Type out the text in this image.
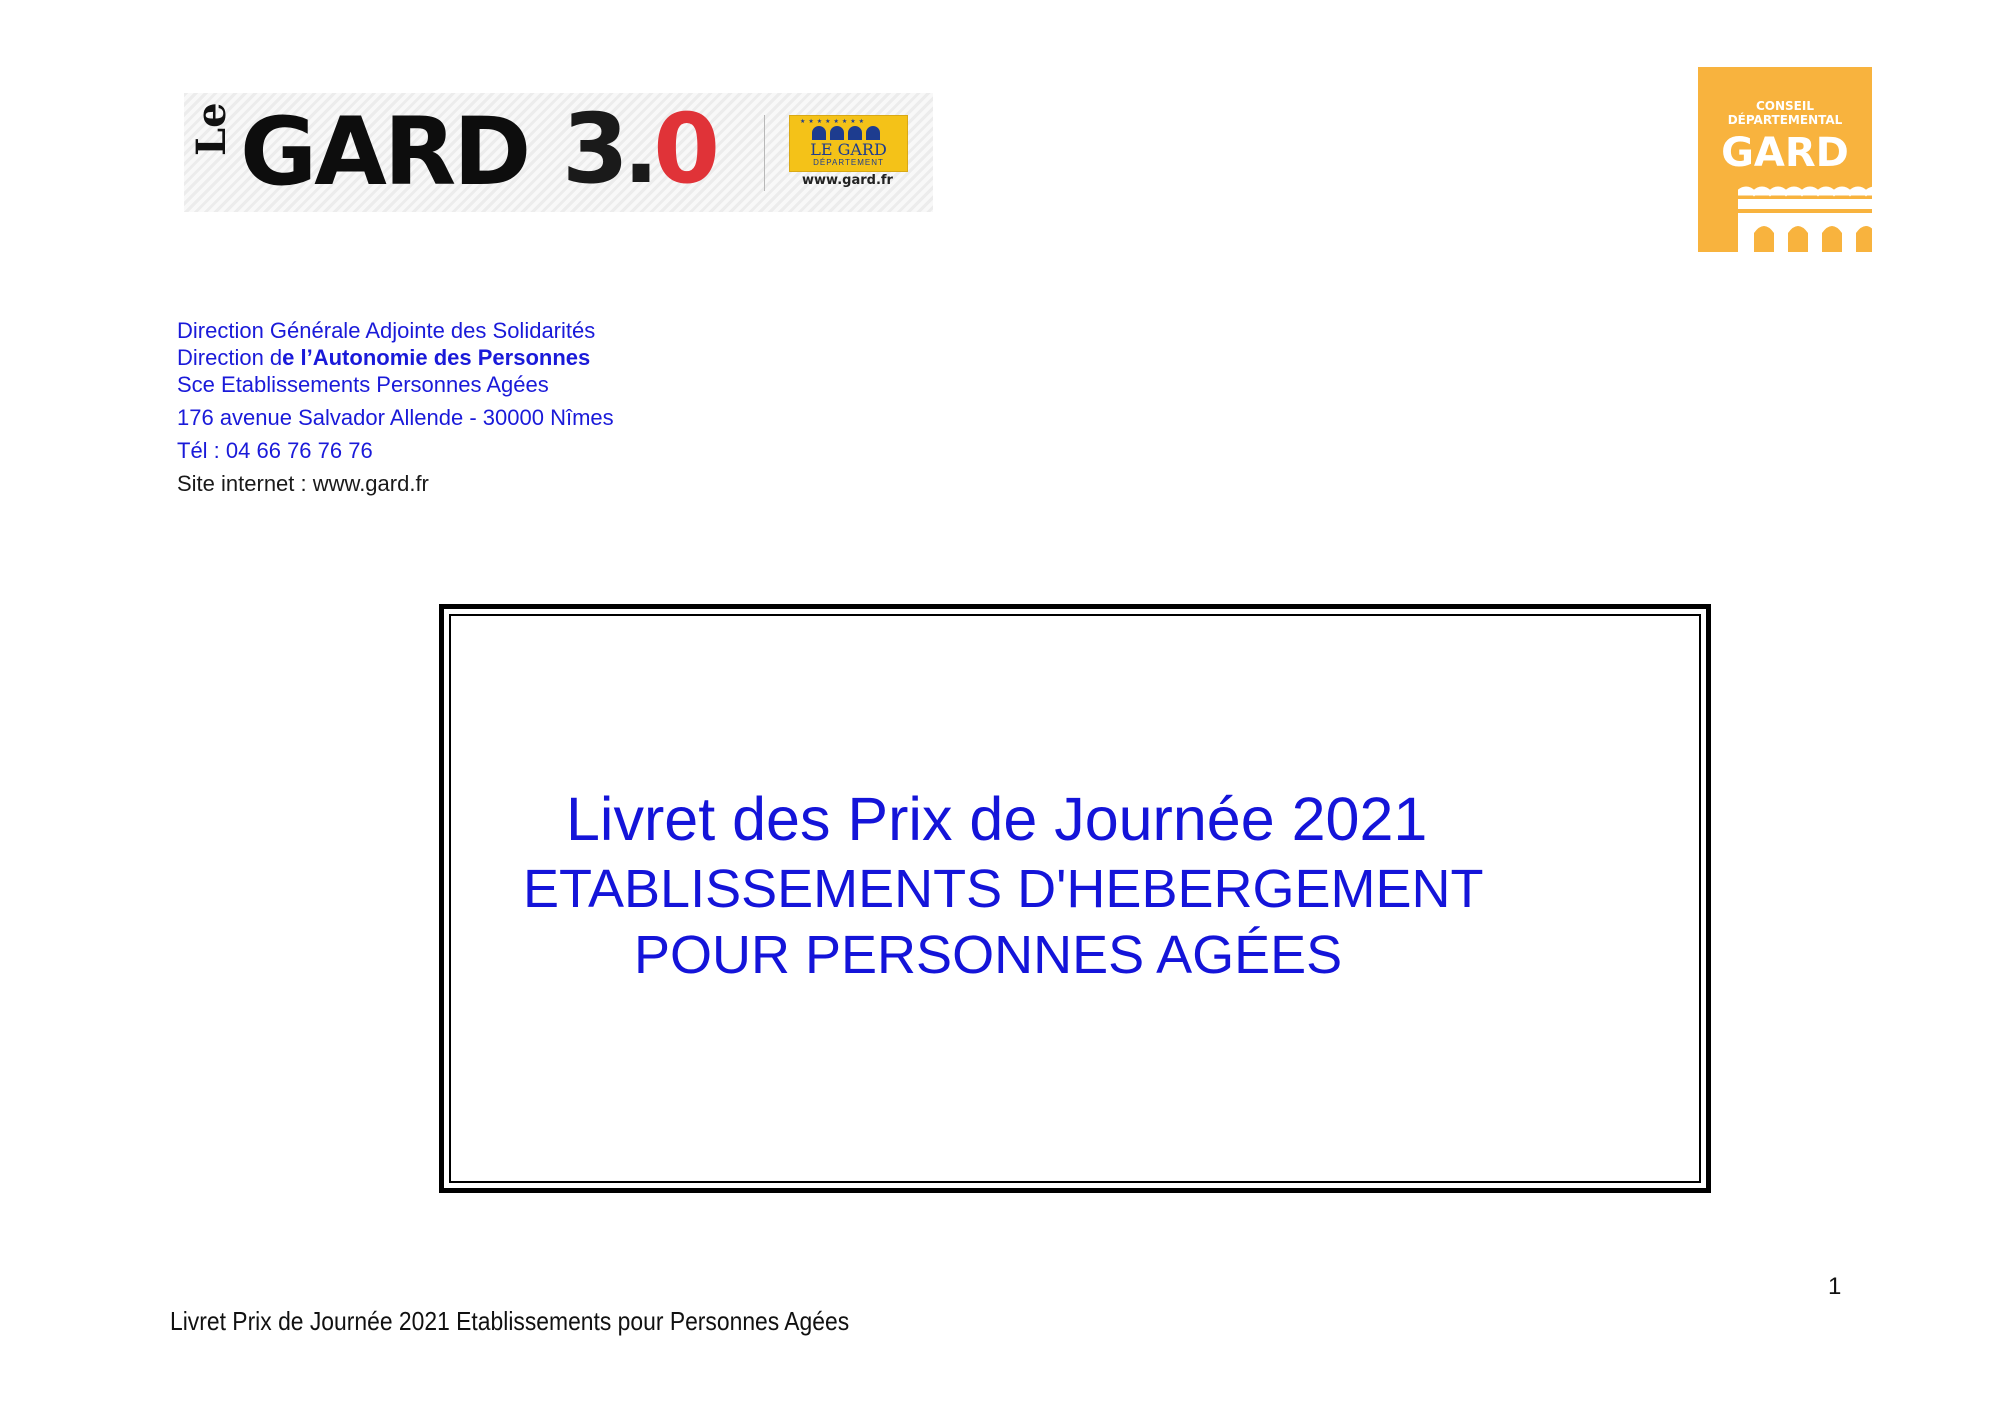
Le GARD 3.0	★★★★★★★★
LE GARD
DÉPARTEMENT
www.gard.fr
CONSEIL
DÉPARTEMENTAL
GARD
Direction Générale Adjointe des Solidarités
Direction de l’Autonomie des Personnes
Sce Etablissements Personnes Agées
176 avenue Salvador Allende - 30000 Nîmes
Tél : 04 66 76 76 76
Site internet : www.gard.fr
Livret des Prix de Journée 2021
ETABLISSEMENTS D'HEBERGEMENT
POUR PERSONNES AGÉES
1
Livret Prix de Journée 2021 Etablissements pour Personnes Agées
